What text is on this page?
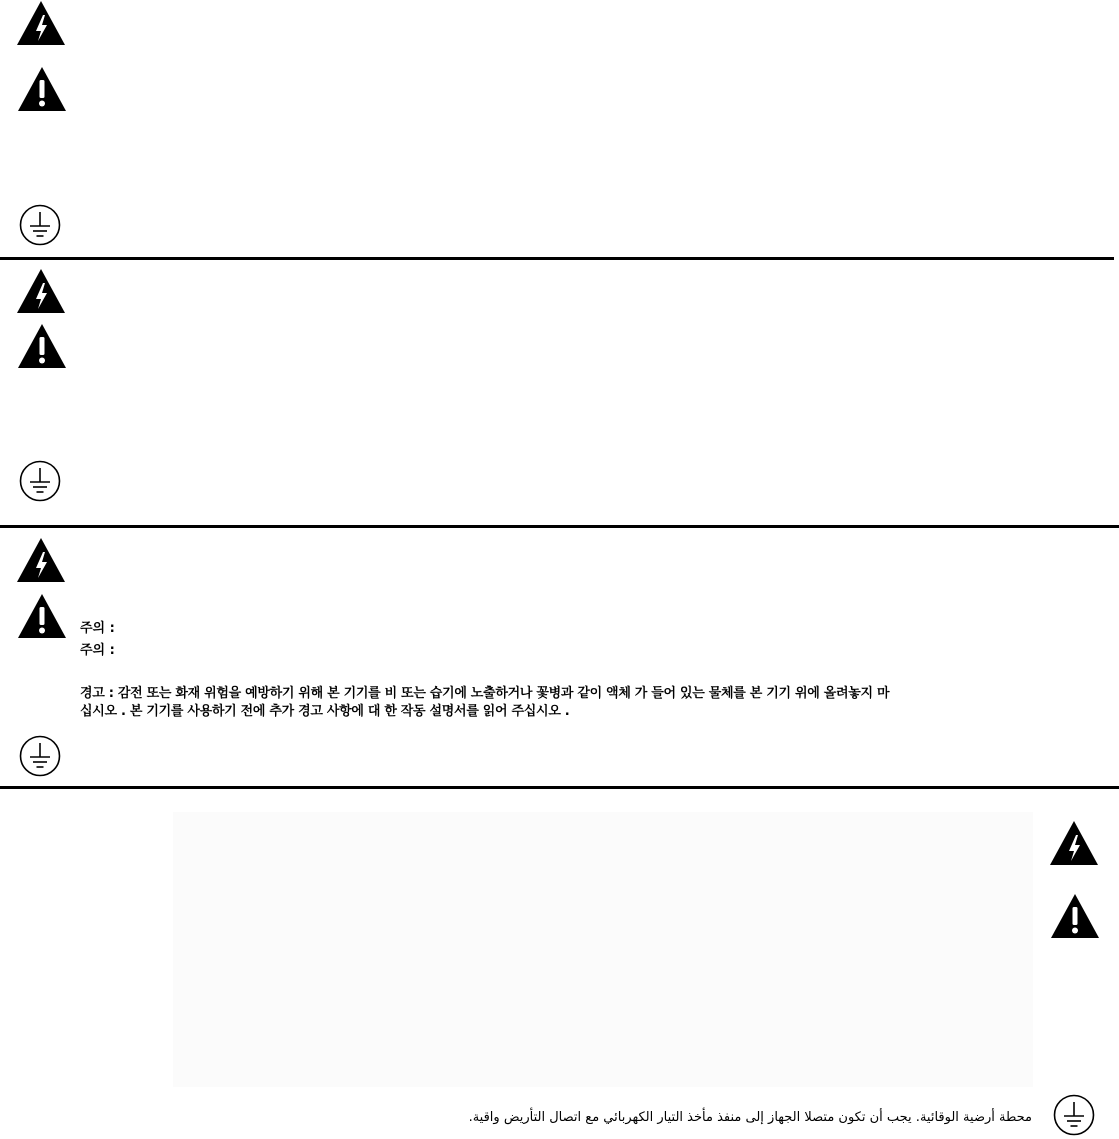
주의 :
주의 :
경고 : 감전 또는 화재 위험을 예방하기 위해 본 기기를 비 또는 습기에 노출하거나 꽃병과 같이 액체 가 들어 있는 물체를 본 기기 위에 올려놓지 마
십시오 . 본 기기를 사용하기 전에 추가 경고 사항에 대 한 작동 설명서를 읽어 주십시오 .
محطة أرضية الوقائية. يجب أن تكون متصلا الجهاز إلى منفذ مأخذ التيار الكهربائي مع اتصال التأريض واقية.
